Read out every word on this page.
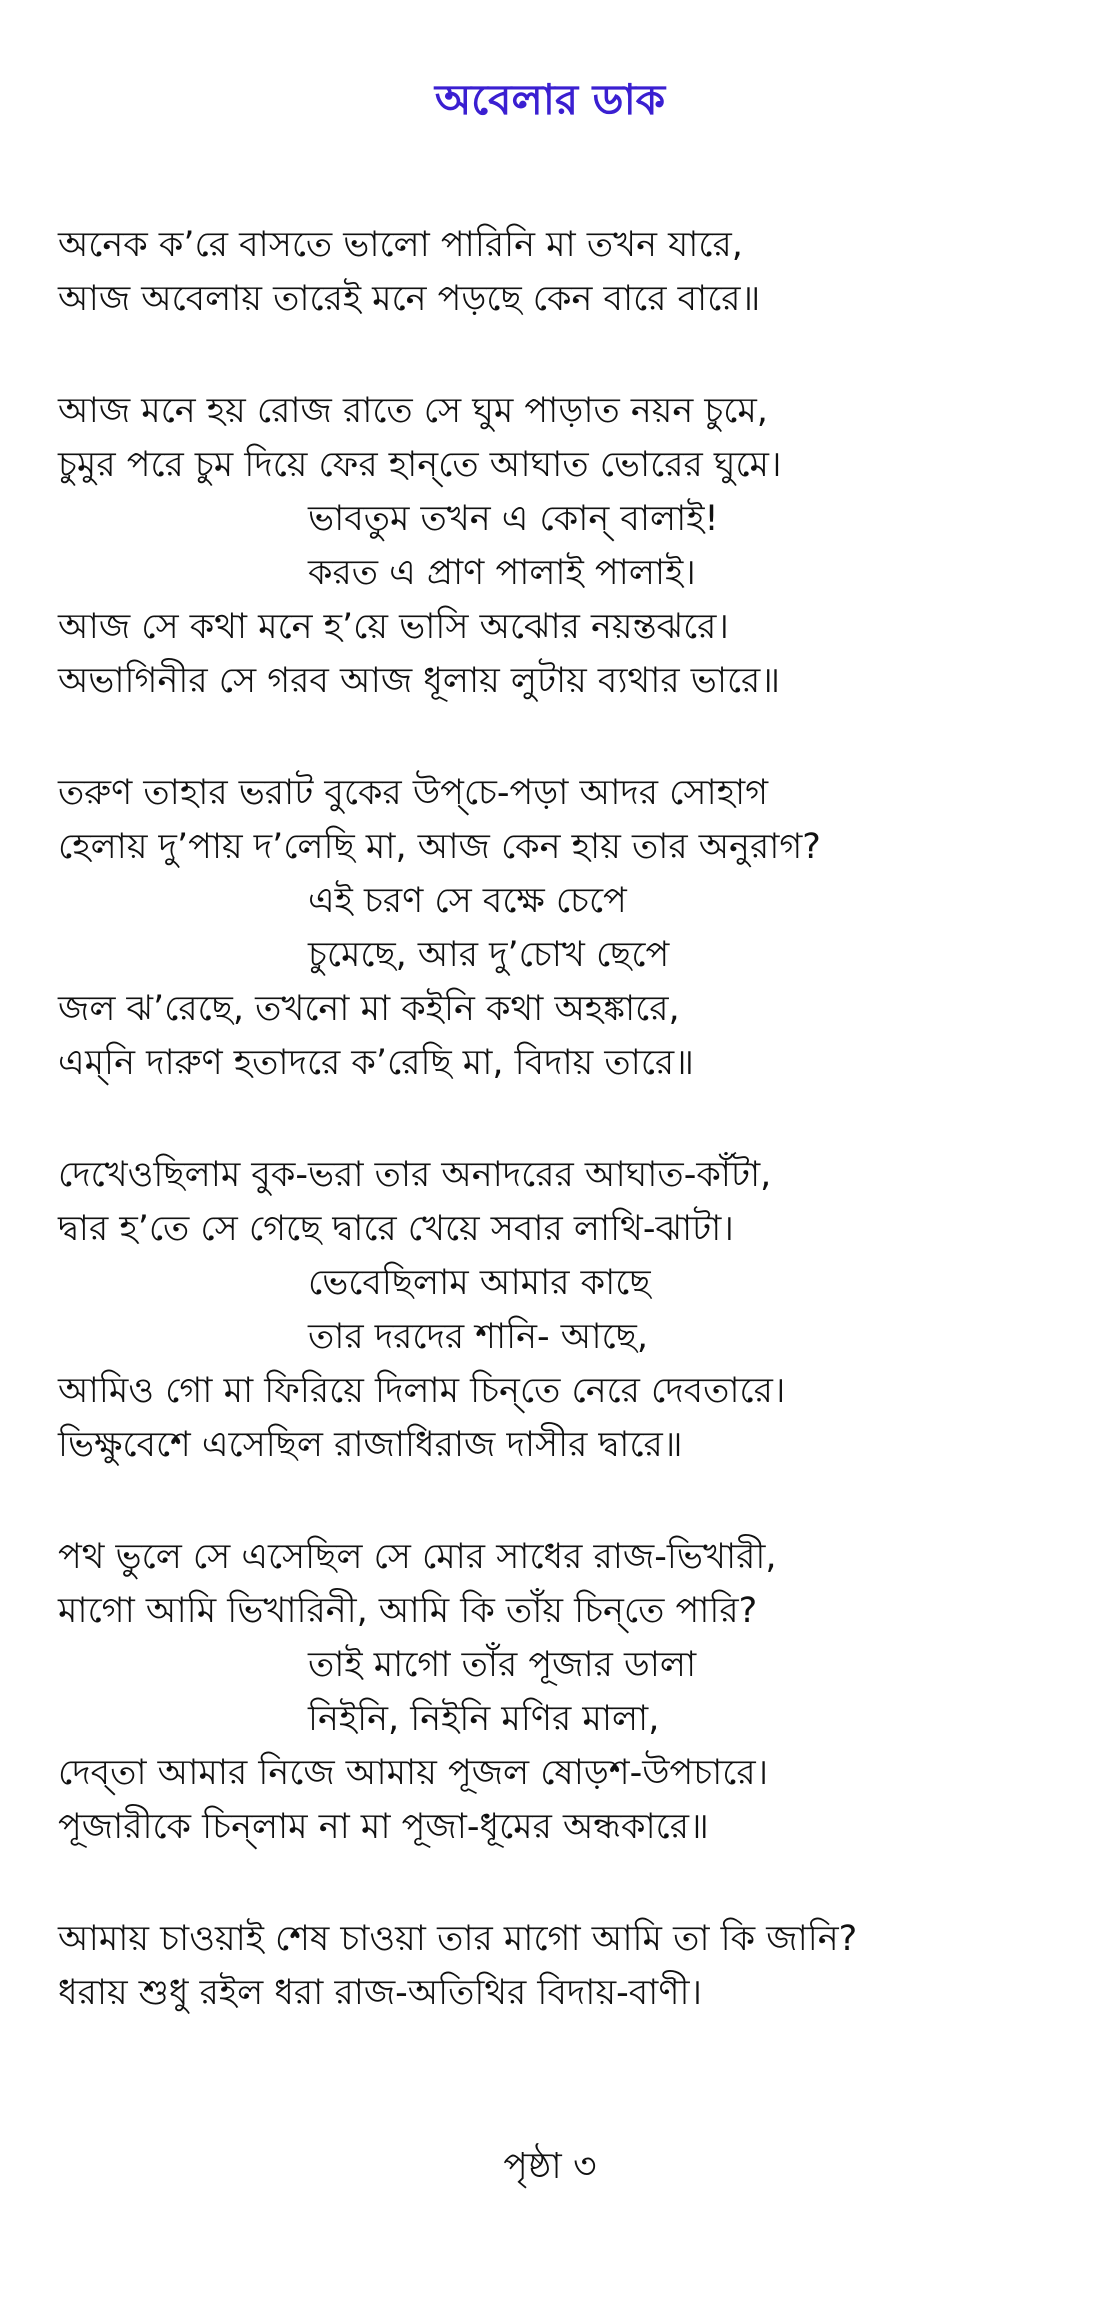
অবেলার ডাক
অনেক ক’রে বাসতে ভালো পারিনি মা তখন যারে,
আজ অবেলায় তারেই মনে পড়ছে কেন বারে বারে॥
আজ মনে হয় রোজ রাতে সে ঘুম পাড়াত নয়ন চুমে,
চুমুর পরে চুম দিয়ে ফের হান্‌তে আঘাত ভোরের ঘুমে।
ভাবতুম তখন এ কোন্‌ বালাই!
করত এ প্রাণ পালাই পালাই।
আজ সে কথা মনে হ’য়ে ভাসি অঝোর নয়ন্তঝরে।
অভাগিনীর সে গরব আজ ধূলায় লুটায় ব্যথার ভারে॥
তরুণ তাহার ভরাট বুকের উপ্‌চে-পড়া আদর সোহাগ
হেলায় দু’পায় দ’লেছি মা, আজ কেন হায় তার অনুরাগ?
এই চরণ সে বক্ষে চেপে
চুমেছে, আর দু’চোখ ছেপে
জল ঝ’রেছে, তখনো মা কইনি কথা অহঙ্কারে,
এম্‌নি দারুণ হতাদরে ক’রেছি মা, বিদায় তারে॥
দেখেওছিলাম বুক-ভরা তার অনাদরের আঘাত-কাঁটা,
দ্বার হ’তে সে গেছে দ্বারে খেয়ে সবার লাথি-ঝাটা।
ভেবেছিলাম আমার কাছে
তার দরদের শানি- আছে,
আমিও গো মা ফিরিয়ে দিলাম চিন্‌তে নেরে দেবতারে।
ভিক্ষুবেশে এসেছিল রাজাধিরাজ দাসীর দ্বারে॥
পথ ভুলে সে এসেছিল সে মোর সাধের রাজ-ভিখারী,
মাগো আমি ভিখারিনী, আমি কি তাঁয় চিন্‌তে পারি?
তাই মাগো তাঁর পূজার ডালা
নিইনি, নিইনি মণির মালা,
দেব্‌তা আমার নিজে আমায় পূজল ষোড়শ-উপচারে।
পূজারীকে চিন্‌লাম না মা পূজা-ধূমের অন্ধকারে॥
আমায় চাওয়াই শেষ চাওয়া তার মাগো আমি তা কি জানি?
ধরায় শুধু রইল ধরা রাজ-অতিথির বিদায়-বাণী।
পৃষ্ঠা ৩
